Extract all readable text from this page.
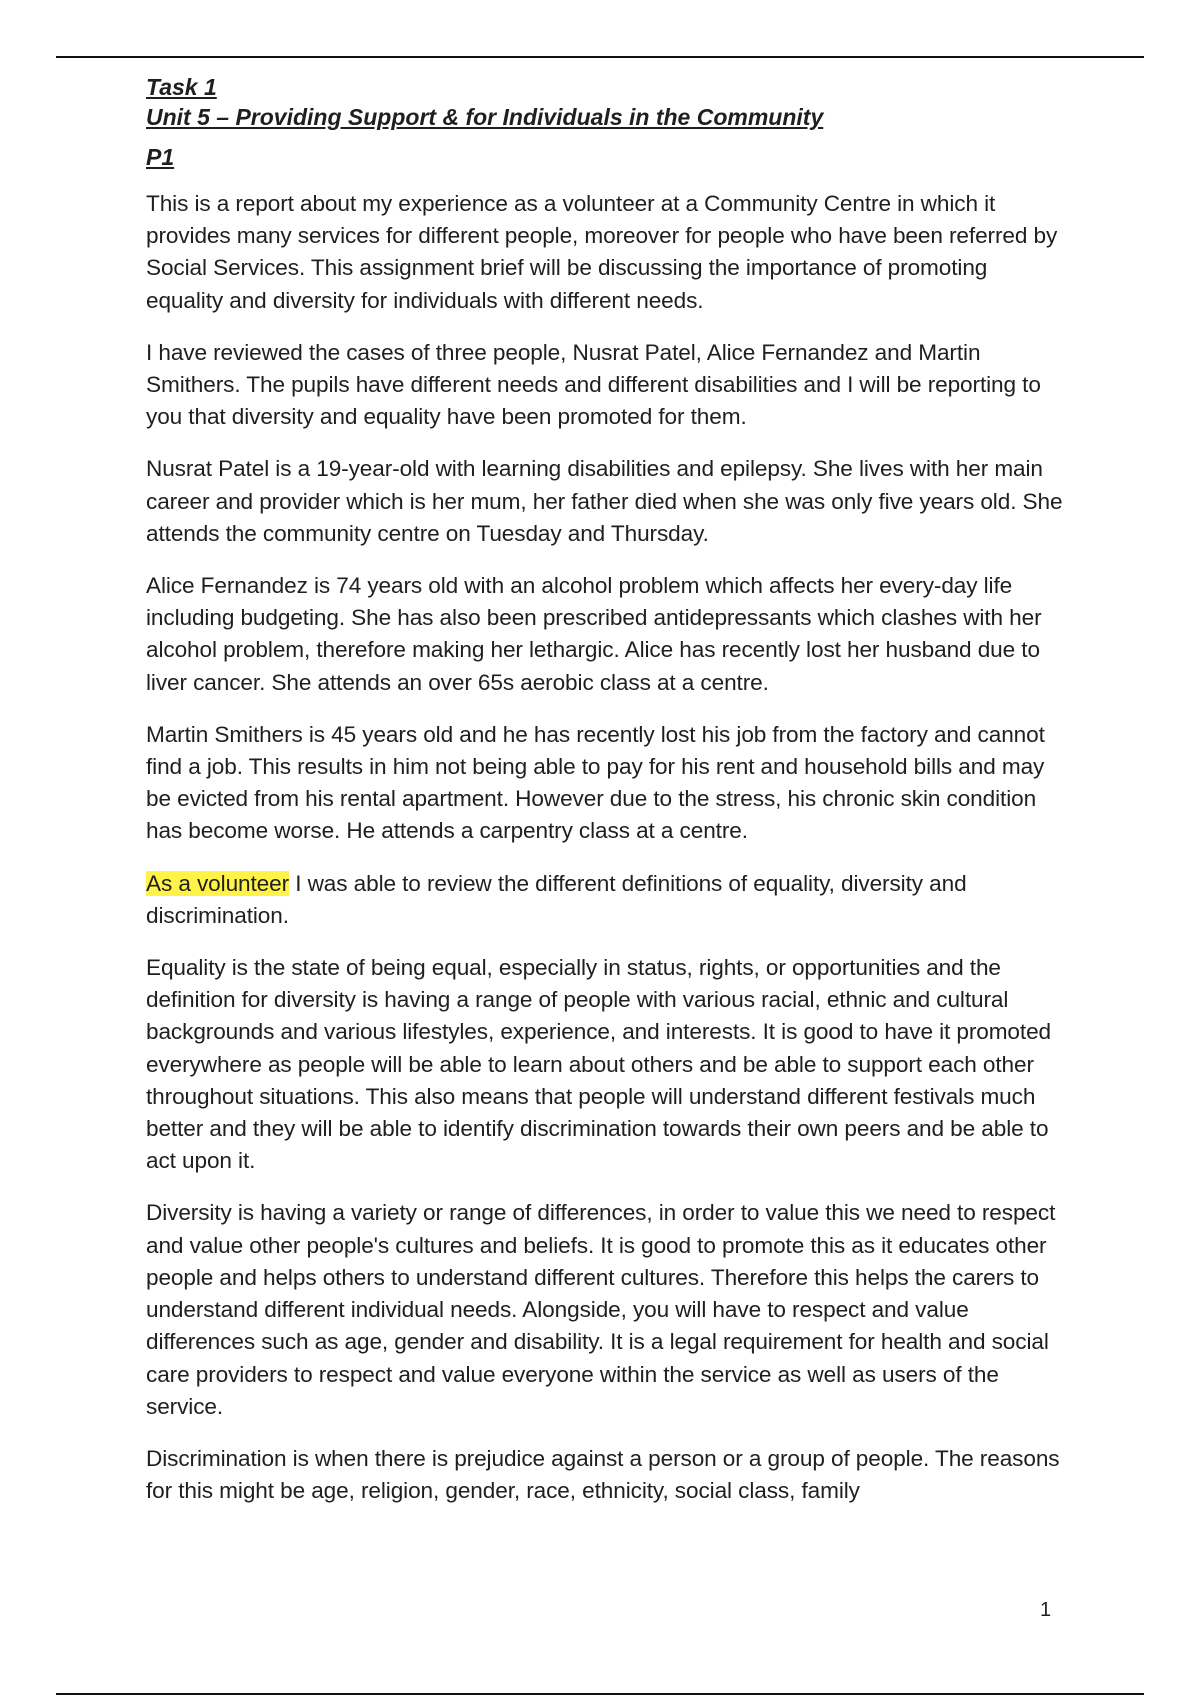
Task 1

Unit 5 – Providing Support & for Individuals in the Community

P1

This is a report about my experience as a volunteer at a Community Centre in which it provides many services for different people, moreover for people who have been referred by Social Services. This assignment brief will be discussing the importance of promoting equality and diversity for individuals with different needs.

I have reviewed the cases of three people, Nusrat Patel, Alice Fernandez and Martin Smithers. The pupils have different needs and different disabilities and I will be reporting to you that diversity and equality have been promoted for them.

Nusrat Patel is a 19-year-old with learning disabilities and epilepsy. She lives with her main career and provider which is her mum, her father died when she was only five years old. She attends the community centre on Tuesday and Thursday.

Alice Fernandez is 74 years old with an alcohol problem which affects her every-day life including budgeting. She has also been prescribed antidepressants which clashes with her alcohol problem, therefore making her lethargic. Alice has recently lost her husband due to liver cancer. She attends an over 65s aerobic class at a centre.

Martin Smithers is 45 years old and he has recently lost his job from the factory and cannot find a job. This results in him not being able to pay for his rent and household bills and may be evicted from his rental apartment. However due to the stress, his chronic skin condition has become worse. He attends a carpentry class at a centre.

As a volunteer I was able to review the different definitions of equality, diversity and discrimination.

Equality is the state of being equal, especially in status, rights, or opportunities and the definition for diversity is having a range of people with various racial, ethnic and cultural backgrounds and various lifestyles, experience, and interests. It is good to have it promoted everywhere as people will be able to learn about others and be able to support each other throughout situations. This also means that people will understand different festivals much better and they will be able to identify discrimination towards their own peers and be able to act upon it.

Diversity is having a variety or range of differences, in order to value this we need to respect and value other people's cultures and beliefs. It is good to promote this as it educates other people and helps others to understand different cultures. Therefore this helps the carers to understand different individual needs. Alongside, you will have to respect and value differences such as age, gender and disability. It is a legal requirement for health and social care providers to respect and value everyone within the service as well as users of the service.

Discrimination is when there is prejudice against a person or a group of people. The reasons for this might be age, religion, gender, race, ethnicity, social class, family

1
